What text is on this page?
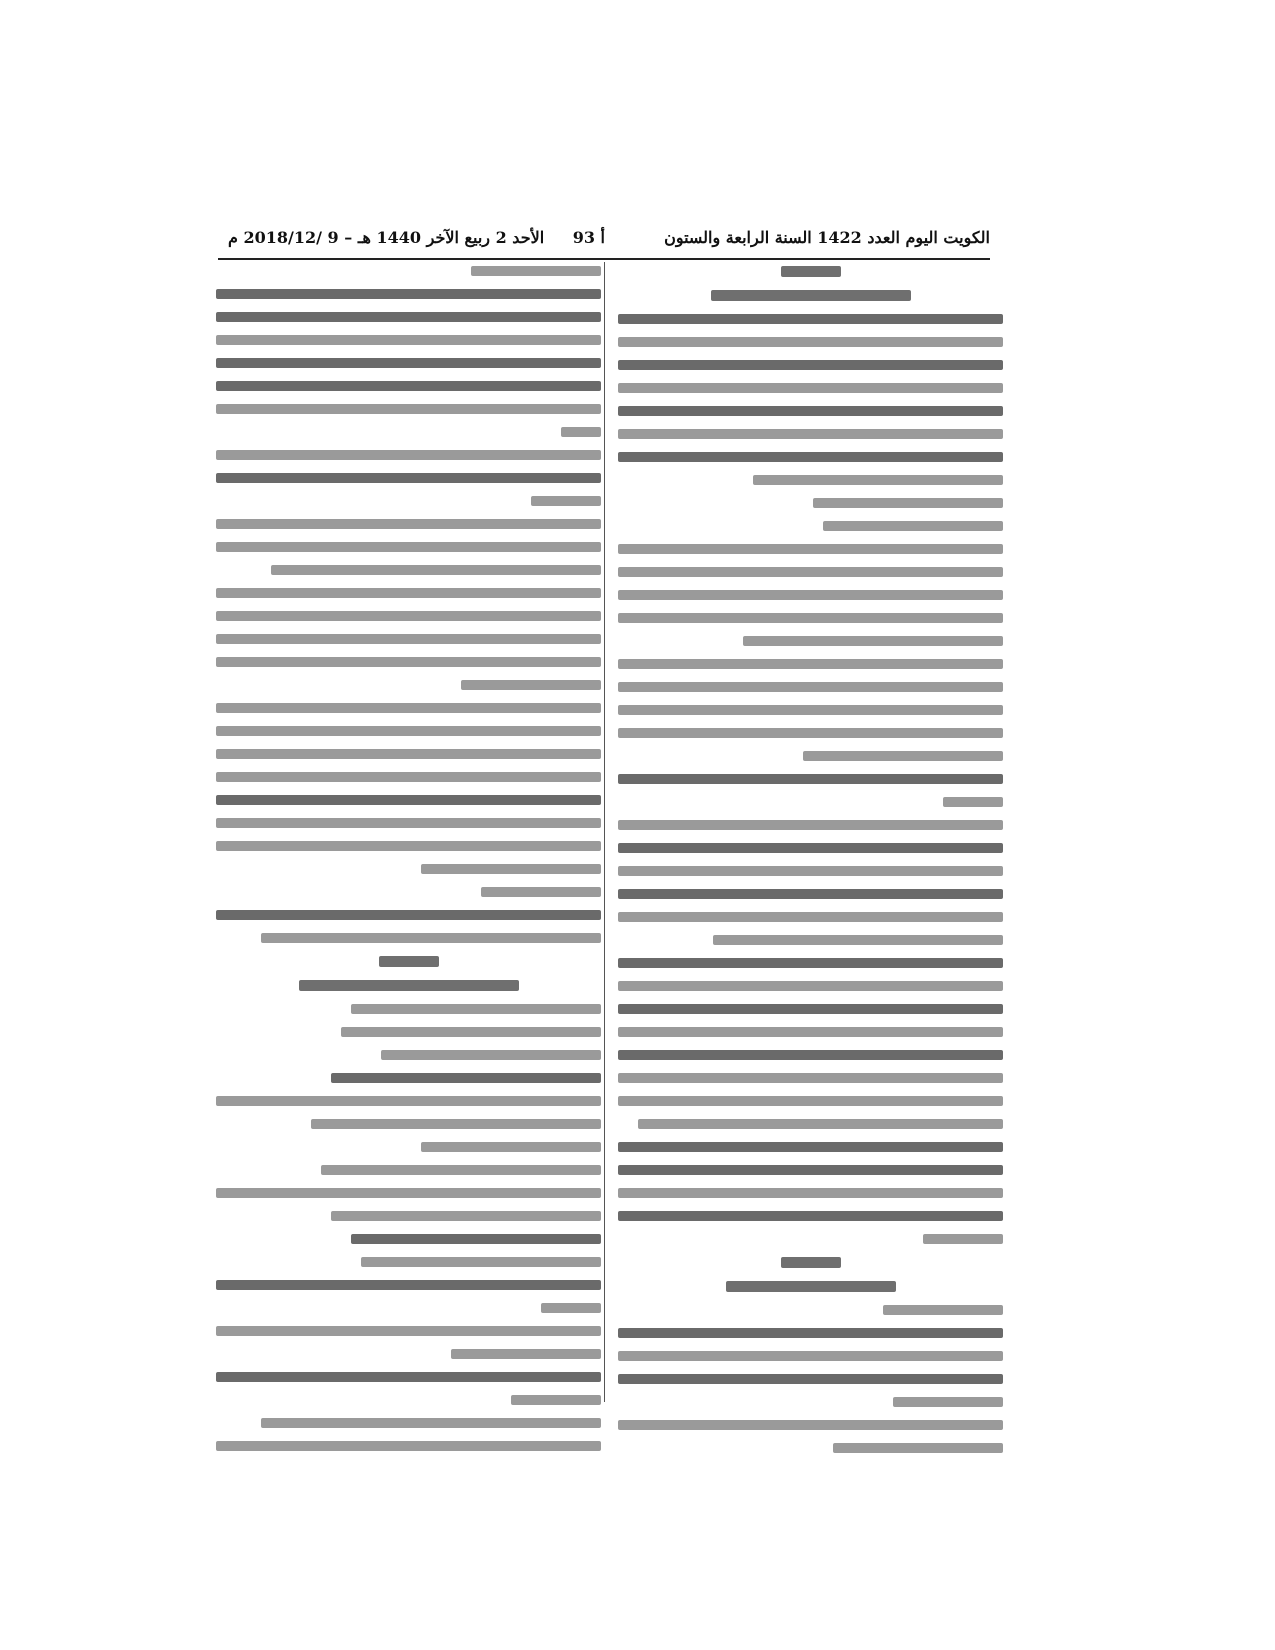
الكويت اليوم العدد 1422 السنة الرابعة والستون
أ 93
الأحد 2 ربيع الآخر 1440 هـ – 9 /2018/12 م
